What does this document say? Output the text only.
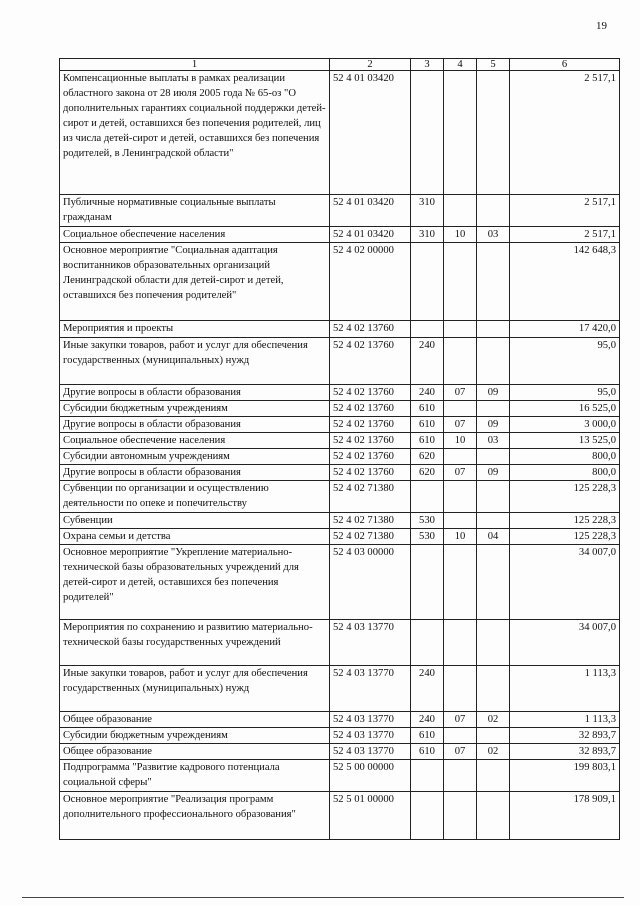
19
1	2	3	4	5	6
Компенсационные выплаты в рамках реализации областного закона от 28 июля 2005 года № 65-оз "О дополнительных гарантиях социальной поддержки детей-сирот и детей, оставшихся без попечения родителей, лиц из числа детей-сирот и детей, оставшихся без попечения родителей, в Ленинградской области"	52 4 01 03420				2 517,1
Публичные нормативные социальные выплаты гражданам	52 4 01 03420	310			2 517,1
Социальное обеспечение населения	52 4 01 03420	310	10	03	2 517,1
Основное мероприятие "Социальная адаптация воспитанников образовательных организаций Ленинградской области для детей-сирот и детей, оставшихся без попечения родителей"	52 4 02 00000				142 648,3
Мероприятия и проекты	52 4 02 13760				17 420,0
Иные закупки товаров, работ и услуг для обеспечения государственных (муниципальных) нужд	52 4 02 13760	240			95,0
Другие вопросы в области образования	52 4 02 13760	240	07	09	95,0
Субсидии бюджетным учреждениям	52 4 02 13760	610			16 525,0
Другие вопросы в области образования	52 4 02 13760	610	07	09	3 000,0
Социальное обеспечение населения	52 4 02 13760	610	10	03	13 525,0
Субсидии автономным учреждениям	52 4 02 13760	620			800,0
Другие вопросы в области образования	52 4 02 13760	620	07	09	800,0
Субвенции по организации и осуществлению деятельности по опеке и попечительству	52 4 02 71380				125 228,3
Субвенции	52 4 02 71380	530			125 228,3
Охрана семьи и детства	52 4 02 71380	530	10	04	125 228,3
Основное мероприятие "Укрепление материально-технической базы образовательных учреждений для детей-сирот и детей, оставшихся без попечения родителей"	52 4 03 00000				34 007,0
Мероприятия по сохранению и развитию материально-технической базы государственных учреждений	52 4 03 13770				34 007,0
Иные закупки товаров, работ и услуг для обеспечения государственных (муниципальных) нужд	52 4 03 13770	240			1 113,3
Общее образование	52 4 03 13770	240	07	02	1 113,3
Субсидии бюджетным учреждениям	52 4 03 13770	610			32 893,7
Общее образование	52 4 03 13770	610	07	02	32 893,7
Подпрограмма "Развитие кадрового потенциала социальной сферы"	52 5 00 00000				199 803,1
Основное мероприятие "Реализация программ дополнительного профессионального образования"	52 5 01 00000				178 909,1
